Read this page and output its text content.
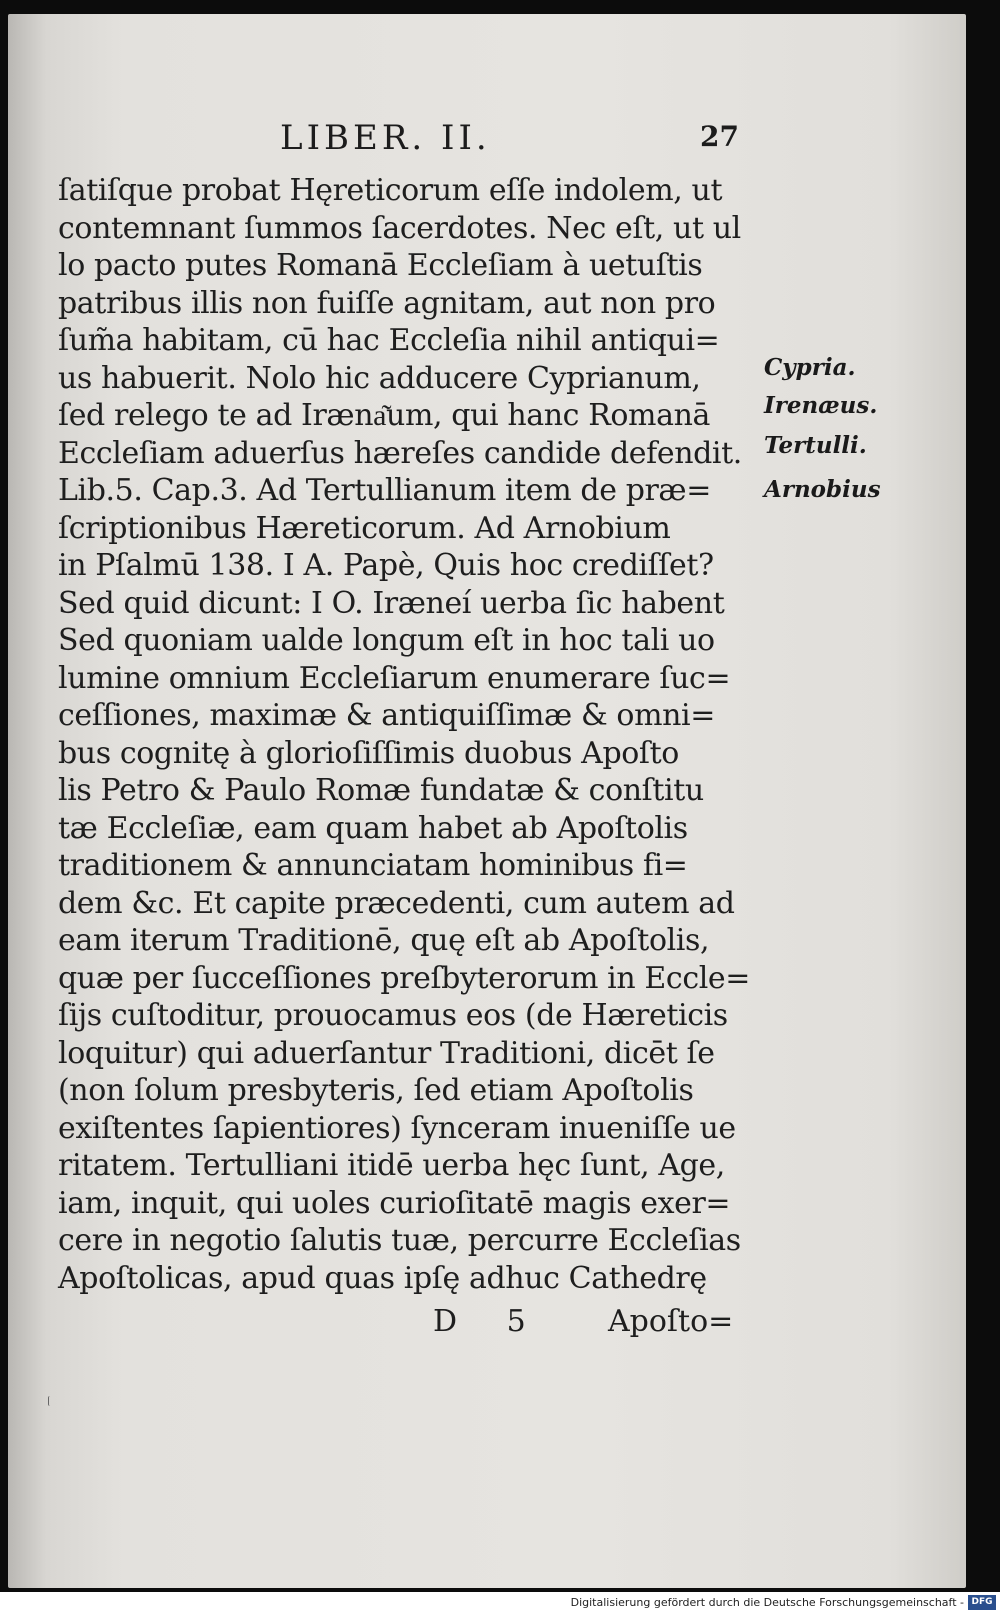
LIBER. II.	27
ſatiſque probat Hęreticorum eſſe indolem, ut
contemnant ſummos ſacerdotes. Nec eſt, ut ul
lo pacto putes Romanā Eccleſiam à uetuſtis
patribus illis non fuiſſe agnitam, aut non pro
ſum̃a habitam, cū hac Eccleſia nihil antiqui=
us habuerit. Nolo hic adducere Cyprianum,
ſed relego te ad Iræna͂um, qui hanc Romanā
Eccleſiam aduerſus hæreſes candide defendit.
Lib.5. Cap.3. Ad Tertullianum item de præ=
ſcriptionibus Hæreticorum. Ad Arnobium
in Pſalmū 138. I A. Papè, Quis hoc crediſſet?
Sed quid dicunt: I O. Iræneí uerba ſic habent
Sed quoniam ualde longum eſt in hoc tali uo
lumine omnium Eccleſiarum enumerare ſuc=
ceſſiones, maximæ & antiquiſſimæ & omni=
bus cognitę à glorioſiſſimis duobus Apoſto
lis Petro & Paulo Romæ fundatæ & conſtitu
tæ Eccleſiæ, eam quam habet ab Apoſtolis
traditionem & annunciatam hominibus fi=
dem &c. Et capite præcedenti, cum autem ad
eam iterum Traditionē, quę eſt ab Apoſtolis,
quæ per ſucceſſiones preſbyterorum in Eccle=
ſijs cuſtoditur, prouocamus eos (de Hæreticis
loquitur) qui aduerſantur Traditioni, dicēt ſe
(non ſolum presbyteris, ſed etiam Apoſtolis
exiſtentes ſapientiores) ſynceram inueniſſe ue
ritatem. Tertulliani itidē uerba hęc ſunt, Age,
iam, inquit, qui uoles curioſitatē magis exer=
cere in negotio ſalutis tuæ, percurre Eccleſias
Apoſtolicas, apud quas ipſę adhuc Cathedrę
Cypria.
Irenæus.
Tertulli.
Arnobius
D 5	Apoſto=
Digitalisierung gefördert durch die Deutsche Forschungsgemeinschaft - DFG
